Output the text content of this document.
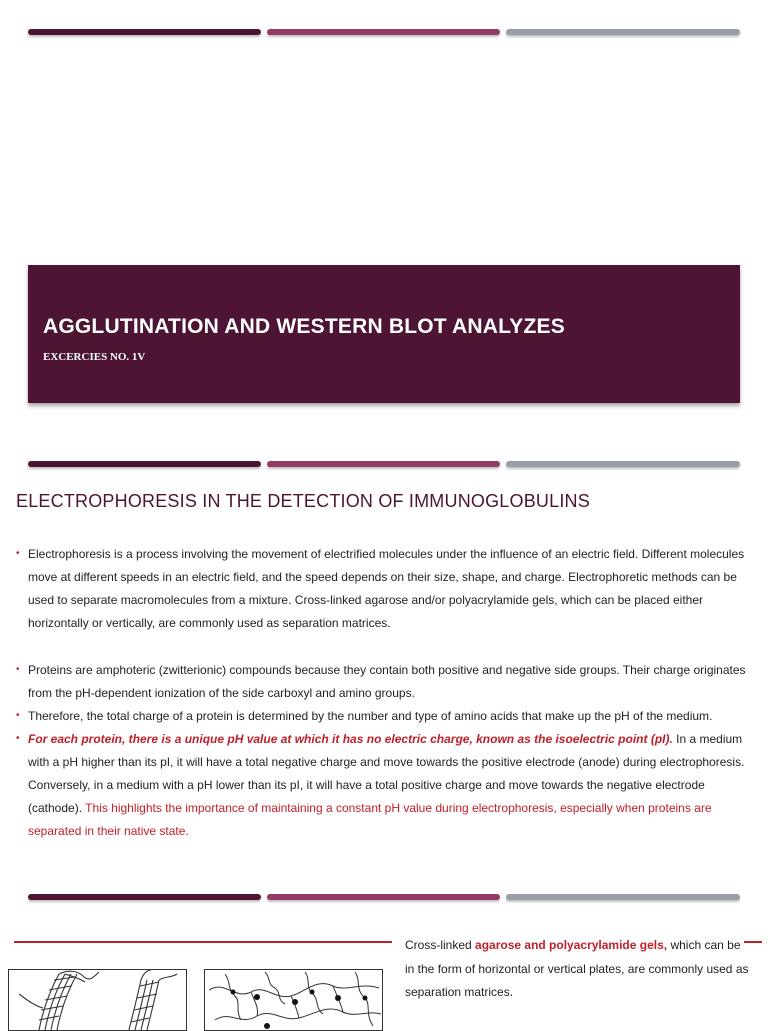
AGGLUTINATION AND WESTERN BLOT ANALYZES
EXCERCIES NO. 1V
ELECTROPHORESIS IN THE DETECTION OF IMMUNOGLOBULINS
• Electrophoresis is a process involving the movement of electrified molecules under the influence of an electric field. Different molecules move at different speeds in an electric field, and the speed depends on their size, shape, and charge. Electrophoretic methods can be used to separate macromolecules from a mixture. Cross-linked agarose and/or polyacrylamide gels, which can be placed either horizontally or vertically, are commonly used as separation matrices.
• Proteins are amphoteric (zwitterionic) compounds because they contain both positive and negative side groups. Their charge originates from the pH-dependent ionization of the side carboxyl and amino groups.
• Therefore, the total charge of a protein is determined by the number and type of amino acids that make up the pH of the medium.
• For each protein, there is a unique pH value at which it has no electric charge, known as the isoelectric point (pI). In a medium with a pH higher than its pI, it will have a total negative charge and move towards the positive electrode (anode) during electrophoresis. Conversely, in a medium with a pH lower than its pI, it will have a total positive charge and move towards the negative electrode (cathode). This highlights the importance of maintaining a constant pH value during electrophoresis, especially when proteins are separated in their native state.
Cross-linked agarose and polyacrylamide gels, which can be in the form of horizontal or vertical plates, are commonly used as separation matrices.
